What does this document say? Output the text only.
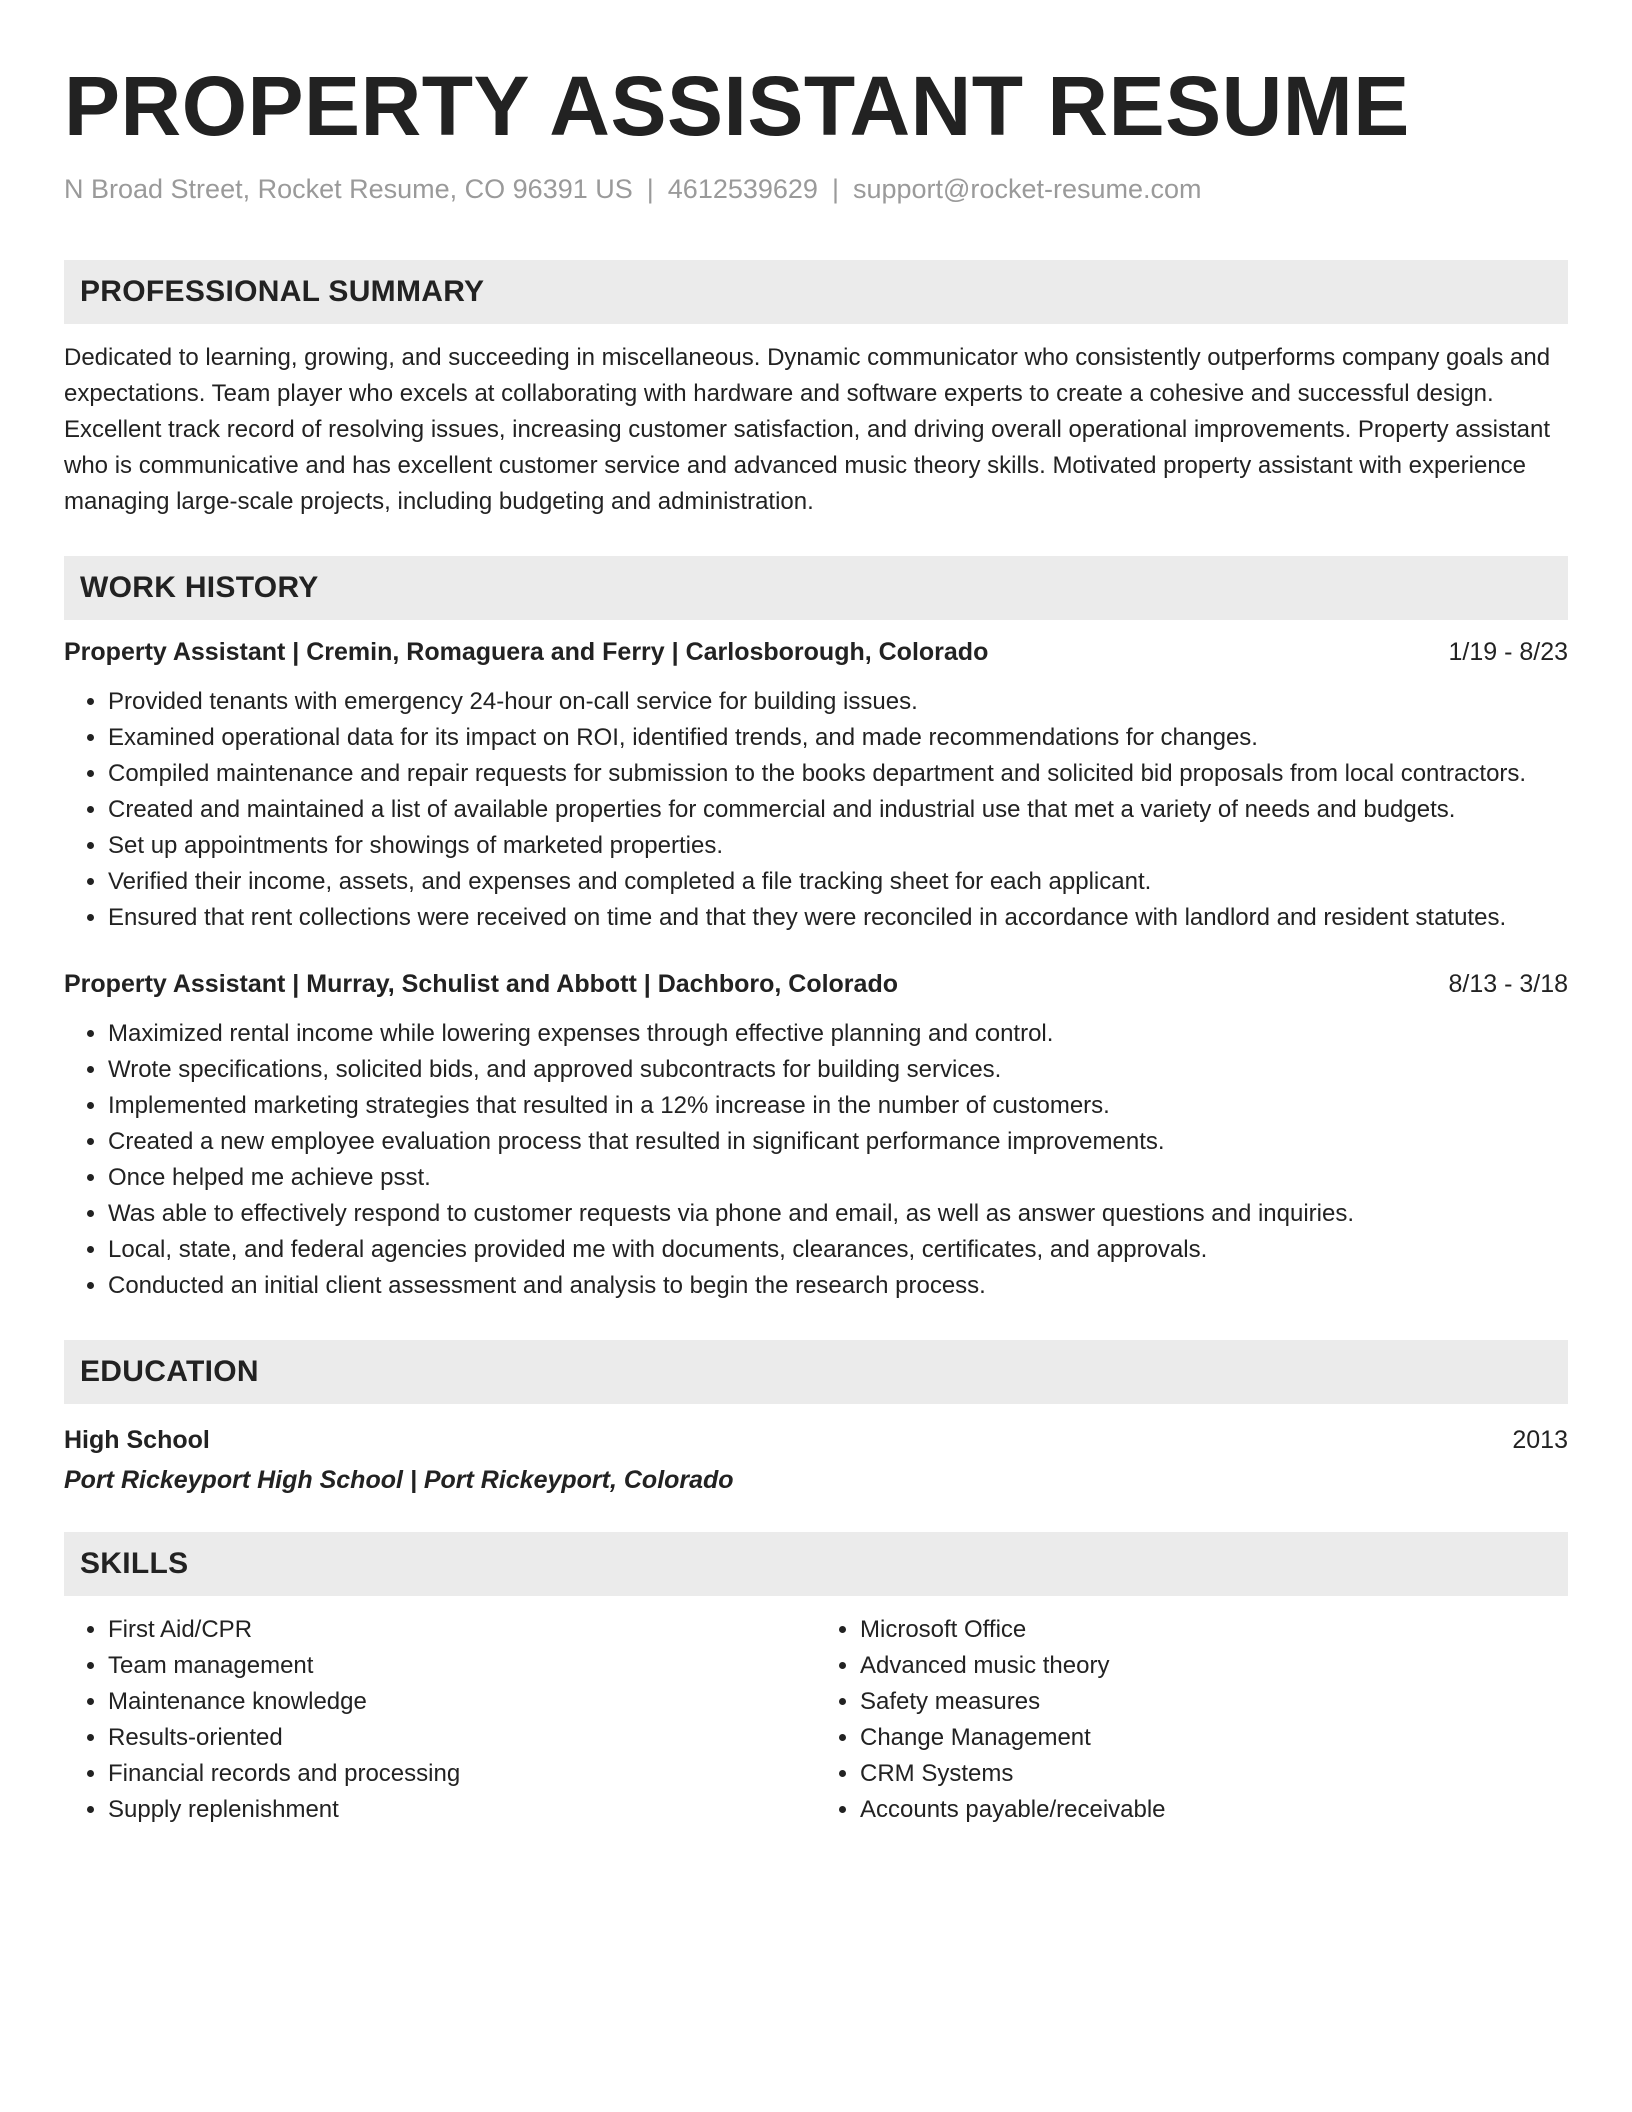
PROPERTY ASSISTANT RESUME
N Broad Street, Rocket Resume, CO 96391 US | 4612539629 | support@rocket-resume.com
PROFESSIONAL SUMMARY
Dedicated to learning, growing, and succeeding in miscellaneous. Dynamic communicator who consistently outperforms company goals and expectations. Team player who excels at collaborating with hardware and software experts to create a cohesive and successful design. Excellent track record of resolving issues, increasing customer satisfaction, and driving overall operational improvements. Property assistant who is communicative and has excellent customer service and advanced music theory skills. Motivated property assistant with experience managing large-scale projects, including budgeting and administration.
WORK HISTORY
Property Assistant | Cremin, Romaguera and Ferry | Carlosborough, Colorado	1/19 - 8/23
• Provided tenants with emergency 24-hour on-call service for building issues.
• Examined operational data for its impact on ROI, identified trends, and made recommendations for changes.
• Compiled maintenance and repair requests for submission to the books department and solicited bid proposals from local contractors.
• Created and maintained a list of available properties for commercial and industrial use that met a variety of needs and budgets.
• Set up appointments for showings of marketed properties.
• Verified their income, assets, and expenses and completed a file tracking sheet for each applicant.
• Ensured that rent collections were received on time and that they were reconciled in accordance with landlord and resident statutes.
Property Assistant | Murray, Schulist and Abbott | Dachboro, Colorado	8/13 - 3/18
• Maximized rental income while lowering expenses through effective planning and control.
• Wrote specifications, solicited bids, and approved subcontracts for building services.
• Implemented marketing strategies that resulted in a 12% increase in the number of customers.
• Created a new employee evaluation process that resulted in significant performance improvements.
• Once helped me achieve psst.
• Was able to effectively respond to customer requests via phone and email, as well as answer questions and inquiries.
• Local, state, and federal agencies provided me with documents, clearances, certificates, and approvals.
• Conducted an initial client assessment and analysis to begin the research process.
EDUCATION
High School	2013
Port Rickeyport High School | Port Rickeyport, Colorado
SKILLS
• First Aid/CPR
• Team management
• Maintenance knowledge
• Results-oriented
• Financial records and processing
• Supply replenishment
• Microsoft Office
• Advanced music theory
• Safety measures
• Change Management
• CRM Systems
• Accounts payable/receivable
